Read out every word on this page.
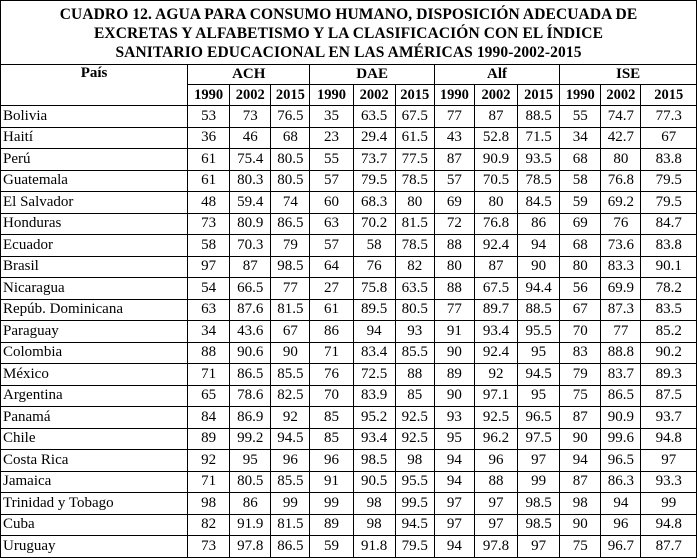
CUADRO 12. AGUA PARA CONSUMO HUMANO, DISPOSICIÓN ADECUADA DE
EXCRETAS Y ALFABETISMO Y LA CLASIFICACIÓN CON EL ÍNDICE
SANITARIO EDUCACIONAL EN LAS AMÉRICAS 1990-2002-2015
País	ACH			DAE			Alf			ISE		
	1990	2002	2015	1990	2002	2015	1990	2002	2015	1990	2002	2015
Bolivia	53	73	76.5	35	63.5	67.5	77	87	88.5	55	74.7	77.3
Haití	36	46	68	23	29.4	61.5	43	52.8	71.5	34	42.7	67
Perú	61	75.4	80.5	55	73.7	77.5	87	90.9	93.5	68	80	83.8
Guatemala	61	80.3	80.5	57	79.5	78.5	57	70.5	78.5	58	76.8	79.5
El Salvador	48	59.4	74	60	68.3	80	69	80	84.5	59	69.2	79.5
Honduras	73	80.9	86.5	63	70.2	81.5	72	76.8	86	69	76	84.7
Ecuador	58	70.3	79	57	58	78.5	88	92.4	94	68	73.6	83.8
Brasil	97	87	98.5	64	76	82	80	87	90	80	83.3	90.1
Nicaragua	54	66.5	77	27	75.8	63.5	88	67.5	94.4	56	69.9	78.2
Repúb. Dominicana	63	87.6	81.5	61	89.5	80.5	77	89.7	88.5	67	87.3	83.5
Paraguay	34	43.6	67	86	94	93	91	93.4	95.5	70	77	85.2
Colombia	88	90.6	90	71	83.4	85.5	90	92.4	95	83	88.8	90.2
México	71	86.5	85.5	76	72.5	88	89	92	94.5	79	83.7	89.3
Argentina	65	78.6	82.5	70	83.9	85	90	97.1	95	75	86.5	87.5
Panamá	84	86.9	92	85	95.2	92.5	93	92.5	96.5	87	90.9	93.7
Chile	89	99.2	94.5	85	93.4	92.5	95	96.2	97.5	90	99.6	94.8
Costa Rica	92	95	96	96	98.5	98	94	96	97	94	96.5	97
Jamaica	71	80.5	85.5	91	90.5	95.5	94	88	99	87	86.3	93.3
Trinidad y Tobago	98	86	99	99	98	99.5	97	97	98.5	98	94	99
Cuba	82	91.9	81.5	89	98	94.5	97	97	98.5	90	96	94.8
Uruguay	73	97.8	86.5	59	91.8	79.5	94	97.8	97	75	96.7	87.7
